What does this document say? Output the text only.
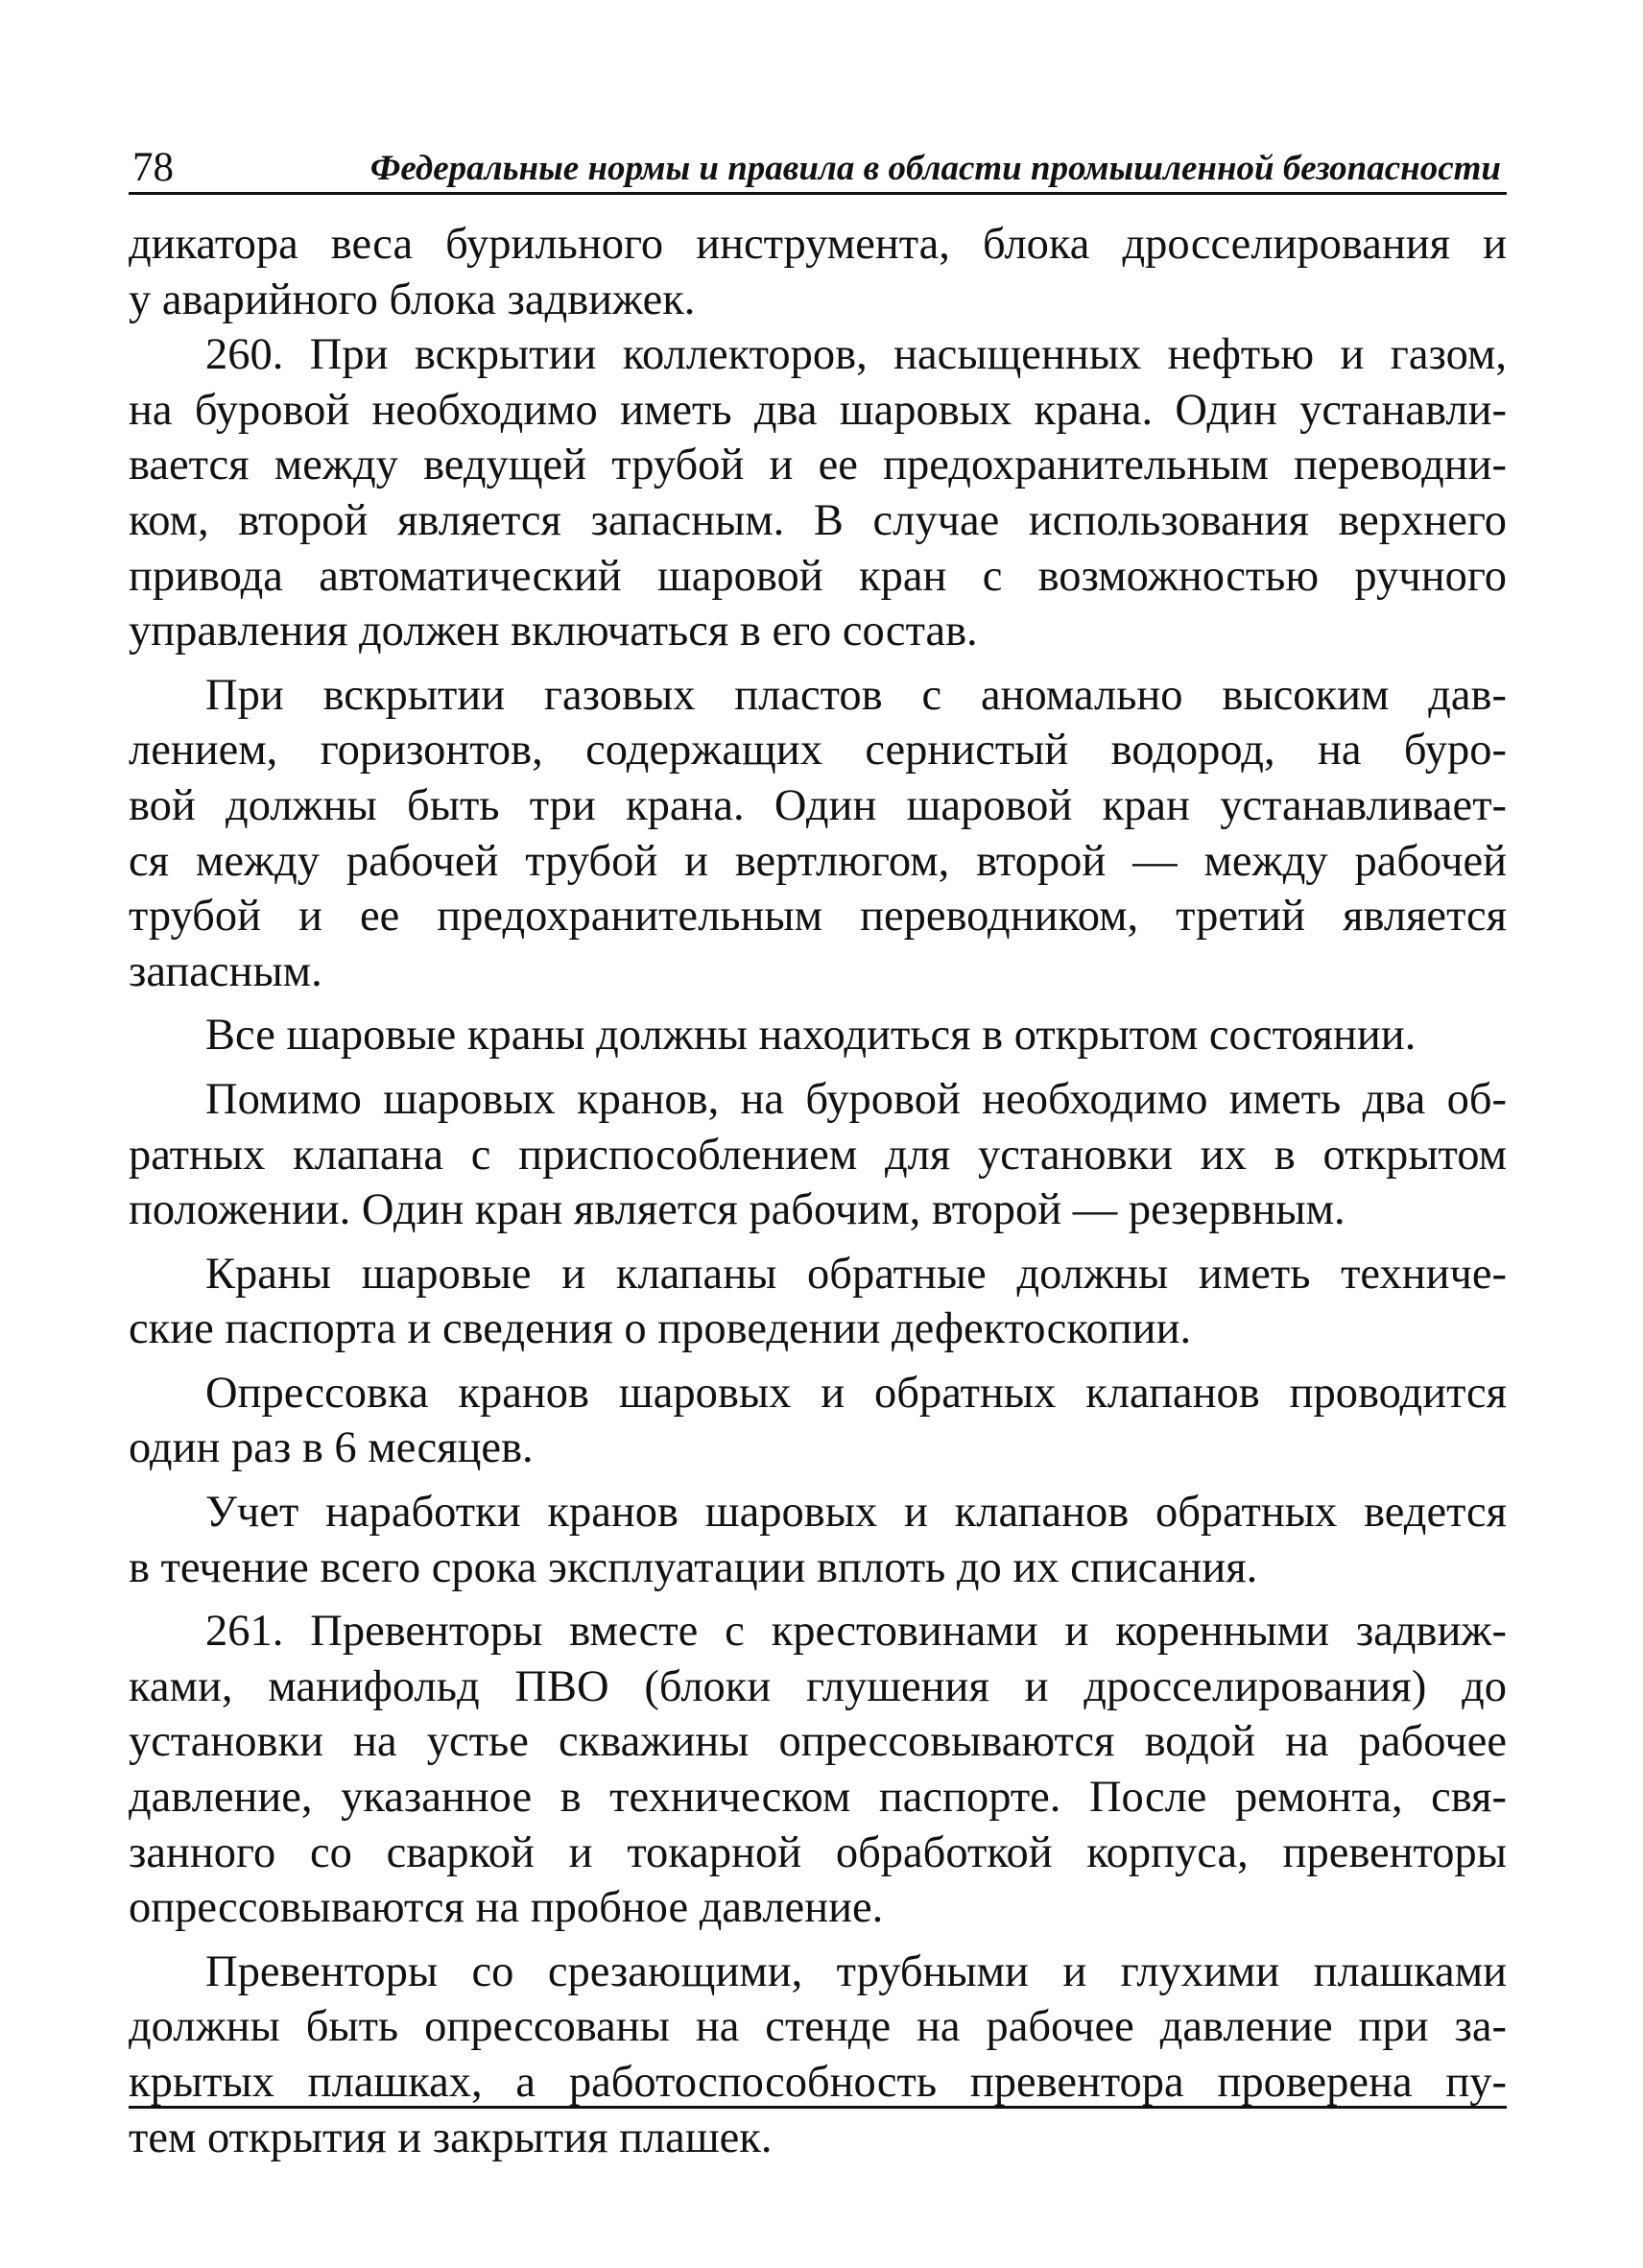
78	Федеральные нормы и правила в области промышленной безопасности

дикатора веса бурильного инструмента, блока дросселирования и
у аварийного блока задвижек.

260. При вскрытии коллекторов, насыщенных нефтью и газом,
на буровой необходимо иметь два шаровых крана. Один устанавли-
вается между ведущей трубой и ее предохранительным переводни-
ком, второй является запасным. В случае использования верхнего
привода автоматический шаровой кран с возможностью ручного
управления должен включаться в его состав.

При вскрытии газовых пластов с аномально высоким дав-
лением, горизонтов, содержащих сернистый водород, на буро-
вой должны быть три крана. Один шаровой кран устанавливает-
ся между рабочей трубой и вертлюгом, второй — между рабочей
трубой и ее предохранительным переводником, третий является
запасным.

Все шаровые краны должны находиться в открытом состоянии.

Помимо шаровых кранов, на буровой необходимо иметь два об-
ратных клапана с приспособлением для установки их в открытом
положении. Один кран является рабочим, второй — резервным.

Краны шаровые и клапаны обратные должны иметь техниче-
ские паспорта и сведения о проведении дефектоскопии.

Опрессовка кранов шаровых и обратных клапанов проводится
один раз в 6 месяцев.

Учет наработки кранов шаровых и клапанов обратных ведется
в течение всего срока эксплуатации вплоть до их списания.

261. Превенторы вместе с крестовинами и коренными задвиж-
ками, манифольд ПВО (блоки глушения и дросселирования) до
установки на устье скважины опрессовываются водой на рабочее
давление, указанное в техническом паспорте. После ремонта, свя-
занного со сваркой и токарной обработкой корпуса, превенторы
опрессовываются на пробное давление.

Превенторы со срезающими, трубными и глухими плашками
должны быть опрессованы на стенде на рабочее давление при за-
крытых плашках, а работоспособность превентора проверена пу-
тем открытия и закрытия плашек.
